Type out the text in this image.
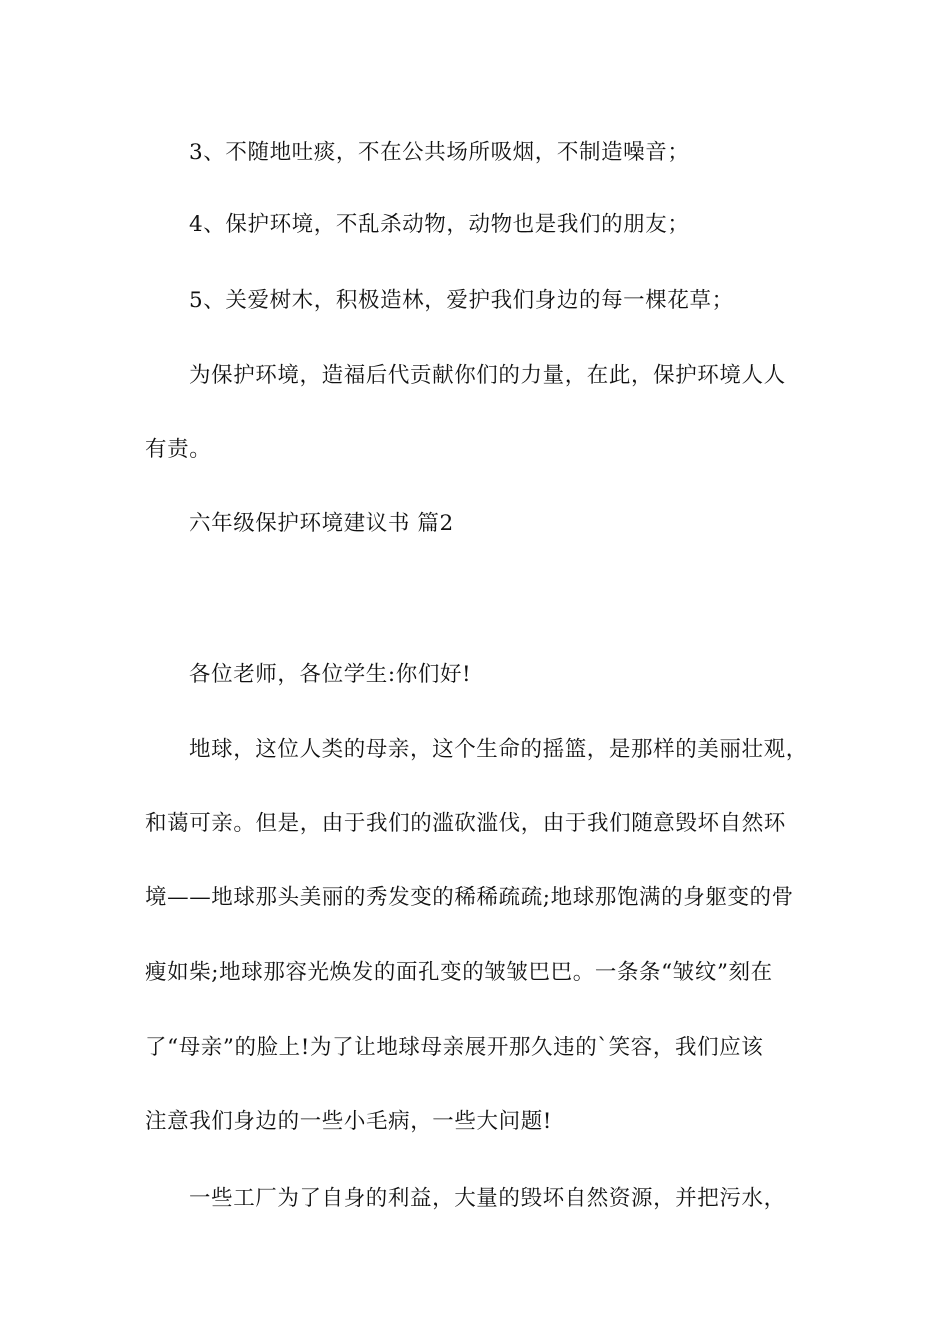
3、不随地吐痰，不在公共场所吸烟，不制造噪音；

4、保护环境，不乱杀动物，动物也是我们的朋友；

5、关爱树木，积极造林，爱护我们身边的每一棵花草；

为保护环境，造福后代贡献你们的力量，在此，保护环境人人

有责。

六年级保护环境建议书 篇2

各位老师，各位学生:你们好!

地球，这位人类的母亲，这个生命的摇篮，是那样的美丽壮观，

和蔼可亲。但是，由于我们的滥砍滥伐，由于我们随意毁坏自然环

境——地球那头美丽的秀发变的稀稀疏疏;地球那饱满的身躯变的骨

瘦如柴;地球那容光焕发的面孔变的皱皱巴巴。一条条“皱纹”刻在

了“母亲”的脸上!为了让地球母亲展开那久违的`笑容，我们应该

注意我们身边的一些小毛病，一些大问题!

一些工厂为了自身的利益，大量的毁坏自然资源，并把污水，
